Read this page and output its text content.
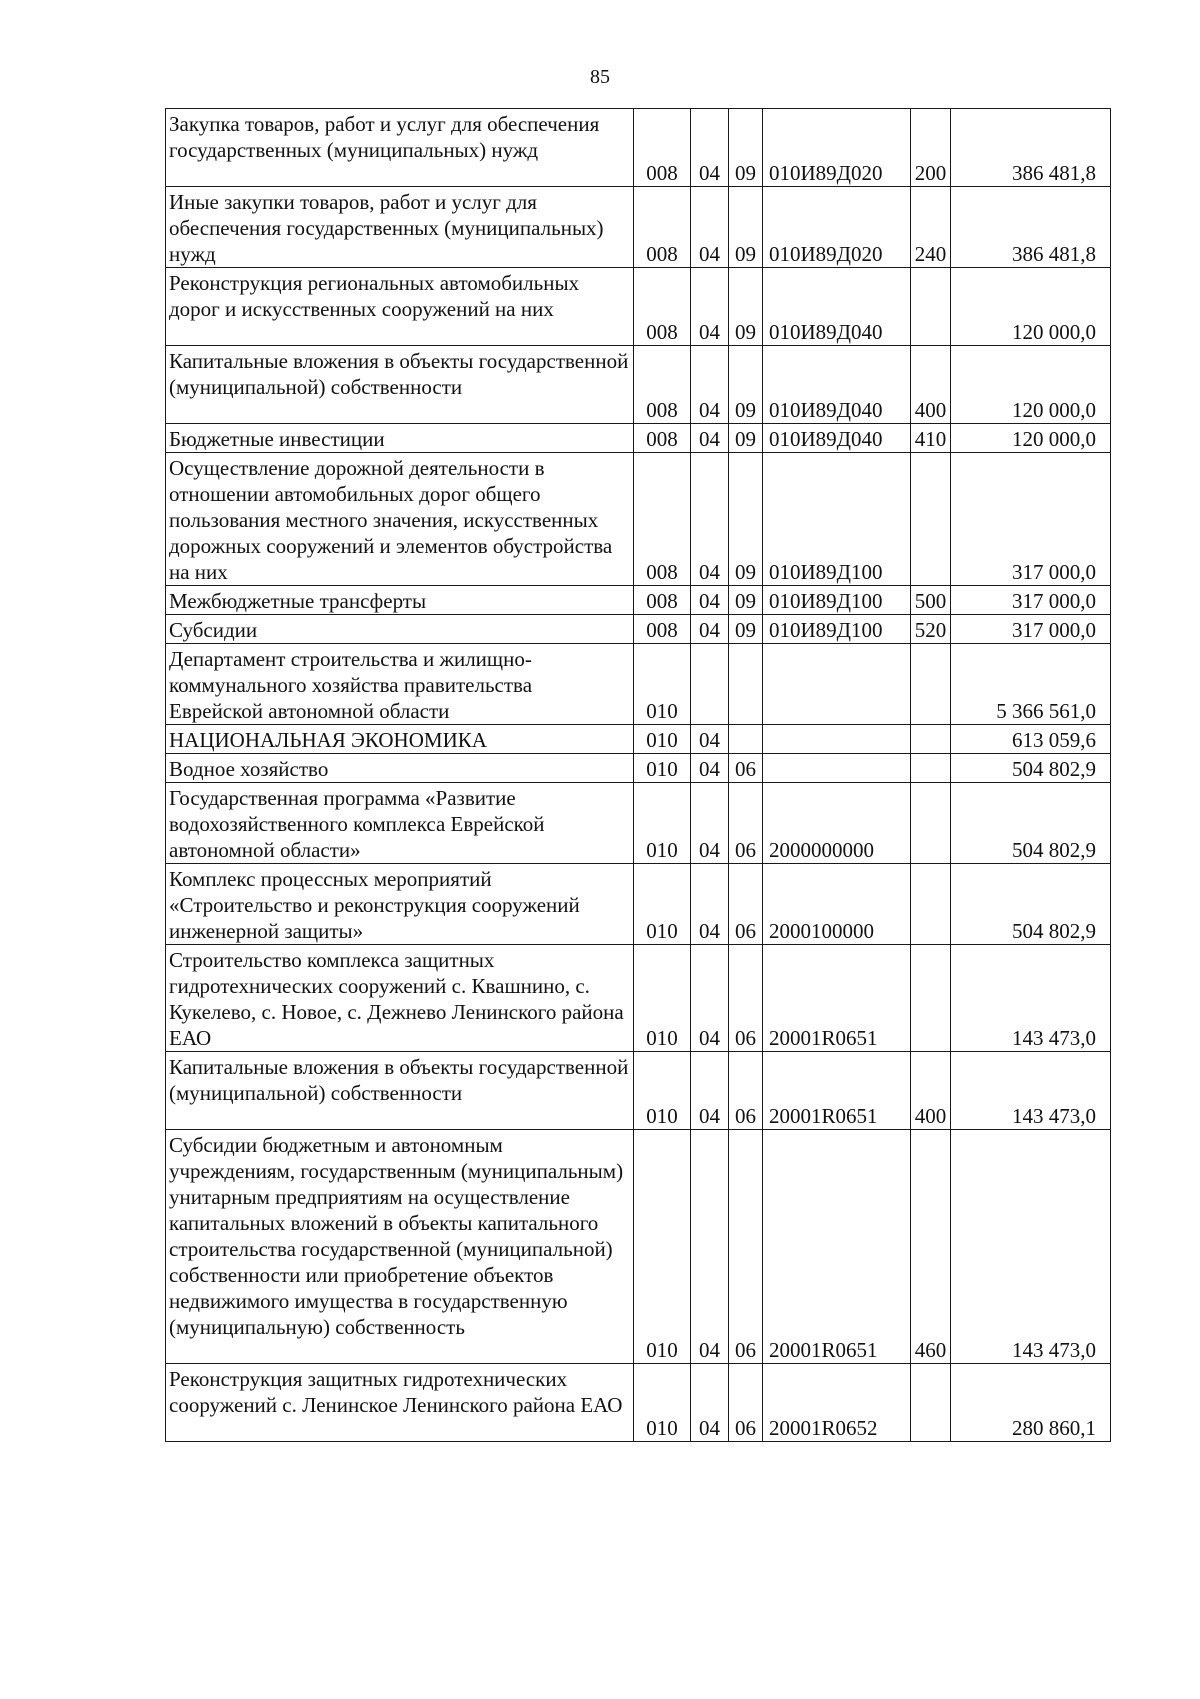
85
Закупка товаров, работ и услуг для обеспечения государственных (муниципальных) нужд	008	04	09	010И89Д020	200	386 481,8
Иные закупки товаров, работ и услуг для обеспечения государственных (муниципальных) нужд	008	04	09	010И89Д020	240	386 481,8
Реконструкция региональных автомобильных дорог и искусственных сооружений на них	008	04	09	010И89Д040		120 000,0
Капитальные вложения в объекты государственной (муниципальной) собственности	008	04	09	010И89Д040	400	120 000,0
Бюджетные инвестиции	008	04	09	010И89Д040	410	120 000,0
Осуществление дорожной деятельности в отношении автомобильных дорог общего пользования местного значения, искусственных дорожных сооружений и элементов обустройства на них	008	04	09	010И89Д100		317 000,0
Межбюджетные трансферты	008	04	09	010И89Д100	500	317 000,0
Субсидии	008	04	09	010И89Д100	520	317 000,0
Департамент строительства и жилищно-коммунального хозяйства правительства Еврейской автономной области	010					5 366 561,0
НАЦИОНАЛЬНАЯ ЭКОНОМИКА	010	04				613 059,6
Водное хозяйство	010	04	06			504 802,9
Государственная программа «Развитие водохозяйственного комплекса Еврейской автономной области»	010	04	06	2000000000		504 802,9
Комплекс процессных мероприятий «Строительство и реконструкция сооружений инженерной защиты»	010	04	06	2000100000		504 802,9
Строительство комплекса защитных гидротехнических сооружений с. Квашнино, с. Кукелево, с. Новое, с. Дежнево Ленинского района ЕАО	010	04	06	20001R0651		143 473,0
Капитальные вложения в объекты государственной (муниципальной) собственности	010	04	06	20001R0651	400	143 473,0
Субсидии бюджетным и автономным учреждениям, государственным (муниципальным) унитарным предприятиям на осуществление капитальных вложений в объекты капитального строительства государственной (муниципальной) собственности или приобретение объектов недвижимого имущества в государственную (муниципальную) собственность	010	04	06	20001R0651	460	143 473,0
Реконструкция защитных гидротехнических сооружений с. Ленинское Ленинского района ЕАО	010	04	06	20001R0652		280 860,1
